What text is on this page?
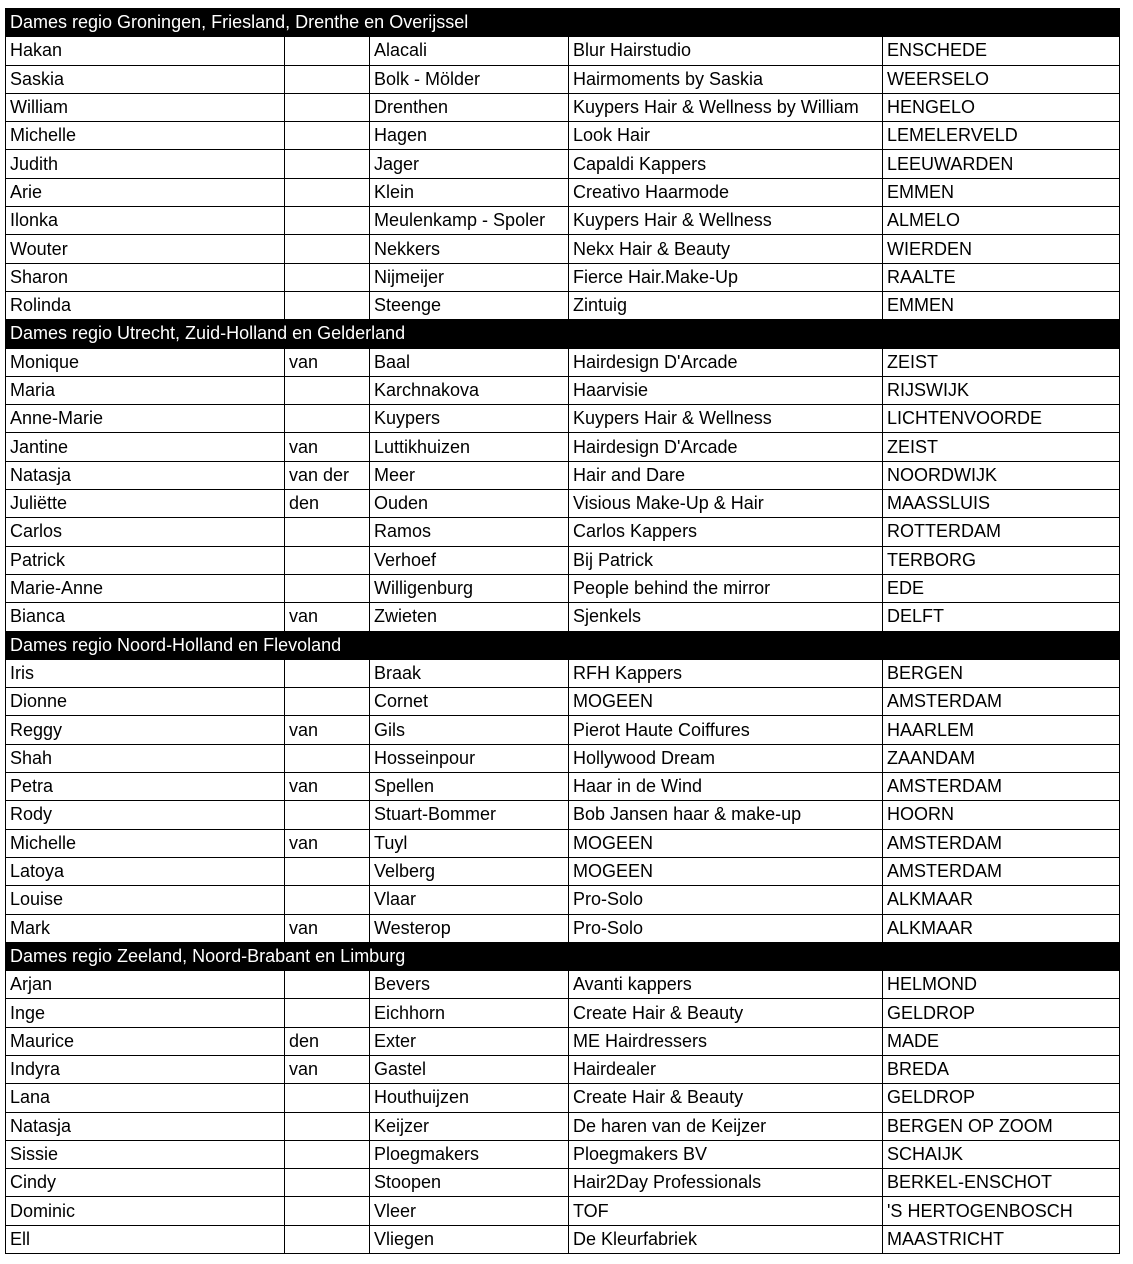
Dames regio Groningen, Friesland, Drenthe en Overijssel				
Hakan		Alacali	Blur Hairstudio	ENSCHEDE
Saskia		Bolk - Mölder	Hairmoments by Saskia	WEERSELO
William		Drenthen	Kuypers Hair & Wellness by William	HENGELO
Michelle		Hagen	Look Hair	LEMELERVELD
Judith		Jager	Capaldi Kappers	LEEUWARDEN
Arie		Klein	Creativo Haarmode	EMMEN
Ilonka		Meulenkamp - Spoler	Kuypers Hair & Wellness	ALMELO
Wouter		Nekkers	Nekx Hair & Beauty	WIERDEN
Sharon		Nijmeijer	Fierce Hair.Make-Up	RAALTE
Rolinda		Steenge	Zintuig	EMMEN
Dames regio Utrecht, Zuid-Holland en Gelderland				
Monique	van	Baal	Hairdesign D'Arcade	ZEIST
Maria		Karchnakova	Haarvisie	RIJSWIJK
Anne-Marie		Kuypers	Kuypers Hair & Wellness	LICHTENVOORDE
Jantine	van	Luttikhuizen	Hairdesign D'Arcade	ZEIST
Natasja	van der	Meer	Hair and Dare	NOORDWIJK
Juliëtte	den	Ouden	Visious Make-Up & Hair	MAASSLUIS
Carlos		Ramos	Carlos Kappers	ROTTERDAM
Patrick		Verhoef	Bij Patrick	TERBORG
Marie-Anne		Willigenburg	People behind the mirror	EDE
Bianca	van	Zwieten	Sjenkels	DELFT
Dames regio Noord-Holland en Flevoland				
Iris		Braak	RFH Kappers	BERGEN
Dionne		Cornet	MOGEEN	AMSTERDAM
Reggy	van	Gils	Pierot Haute Coiffures	HAARLEM
Shah		Hosseinpour	Hollywood Dream	ZAANDAM
Petra	van	Spellen	Haar in de Wind	AMSTERDAM
Rody		Stuart-Bommer	Bob Jansen haar & make-up	HOORN
Michelle	van	Tuyl	MOGEEN	AMSTERDAM
Latoya		Velberg	MOGEEN	AMSTERDAM
Louise		Vlaar	Pro-Solo	ALKMAAR
Mark	van	Westerop	Pro-Solo	ALKMAAR
Dames regio Zeeland, Noord-Brabant en Limburg				
Arjan		Bevers	Avanti kappers	HELMOND
Inge		Eichhorn	Create Hair & Beauty	GELDROP
Maurice	den	Exter	ME Hairdressers	MADE
Indyra	van	Gastel	Hairdealer	BREDA
Lana		Houthuijzen	Create Hair & Beauty	GELDROP
Natasja		Keijzer	De haren van de Keijzer	BERGEN OP ZOOM
Sissie		Ploegmakers	Ploegmakers BV	SCHAIJK
Cindy		Stoopen	Hair2Day Professionals	BERKEL-ENSCHOT
Dominic		Vleer	TOF	'S HERTOGENBOSCH
Ell		Vliegen	De Kleurfabriek	MAASTRICHT
